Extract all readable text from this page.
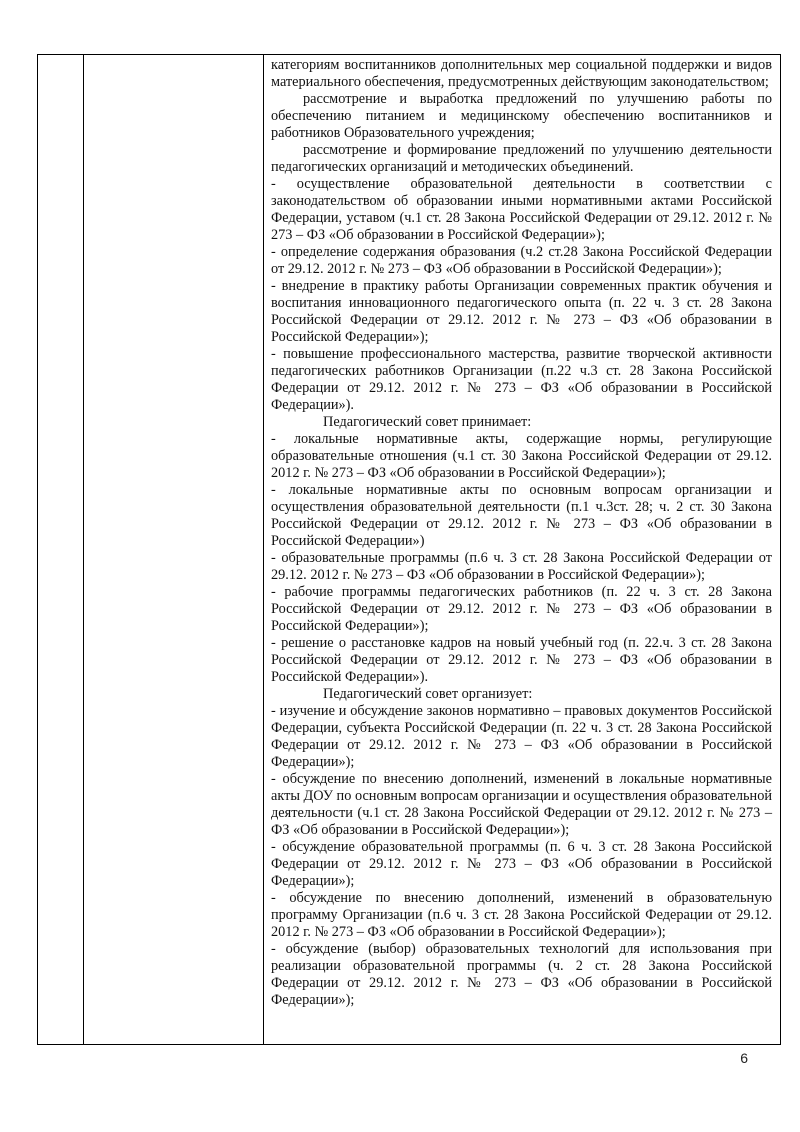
категориям воспитанников дополнительных мер социальной поддержки и видов материального обеспечения, предусмотренных действующим законодательством;

рассмотрение и выработка предложений по улучшению работы по обеспечению питанием и медицинскому обеспечению воспитанников и работников Образовательного учреждения;

рассмотрение и формирование предложений по улучшению деятельности педагогических организаций и методических объединений.

- осуществление образовательной деятельности в соответствии с законодательством об образовании иными нормативными актами Российской Федерации, уставом (ч.1 ст. 28 Закона Российской Федерации от 29.12. 2012 г. № 273 – ФЗ «Об образовании в Российской Федерации»);

- определение содержания образования (ч.2 ст.28 Закона Российской Федерации от 29.12. 2012 г. № 273 – ФЗ «Об образовании в Российской Федерации»);

- внедрение в практику работы Организации современных практик обучения и воспитания инновационного педагогического опыта (п. 22 ч. 3 ст. 28 Закона Российской Федерации от 29.12. 2012 г. № 273 – ФЗ «Об образовании в Российской Федерации»);

- повышение профессионального мастерства, развитие творческой активности педагогических работников Организации (п.22 ч.3 ст. 28 Закона Российской Федерации от 29.12. 2012 г. № 273 – ФЗ «Об образовании в Российской Федерации»).

Педагогический совет принимает:

- локальные нормативные акты, содержащие нормы, регулирующие образовательные отношения (ч.1 ст. 30 Закона Российской Федерации от 29.12. 2012 г. № 273 – ФЗ «Об образовании в Российской Федерации»);

- локальные нормативные акты по основным вопросам организации и осуществления образовательной деятельности (п.1 ч.3ст. 28; ч. 2 ст. 30 Закона Российской Федерации от 29.12. 2012 г. № 273 – ФЗ «Об образовании в Российской Федерации»)

- образовательные программы (п.6 ч. 3 ст. 28 Закона Российской Федерации от 29.12. 2012 г. № 273 – ФЗ «Об образовании в Российской Федерации»);

- рабочие программы педагогических работников (п. 22 ч. 3 ст. 28 Закона Российской Федерации от 29.12. 2012 г. № 273 – ФЗ «Об образовании в Российской Федерации»);

- решение о расстановке кадров на новый учебный год (п. 22.ч. 3 ст. 28 Закона Российской Федерации от 29.12. 2012 г. № 273 – ФЗ «Об образовании в Российской Федерации»).

Педагогический совет организует:

- изучение и обсуждение законов нормативно – правовых документов Российской Федерации, субъекта Российской Федерации (п. 22 ч. 3 ст. 28 Закона Российской Федерации от 29.12. 2012 г. № 273 – ФЗ «Об образовании в Российской Федерации»);

- обсуждение по внесению дополнений, изменений в локальные нормативные акты ДОУ по основным вопросам организации и осуществления образовательной деятельности (ч.1 ст. 28 Закона Российской Федерации от 29.12. 2012 г. № 273 – ФЗ «Об образовании в Российской Федерации»);

- обсуждение образовательной программы (п. 6 ч. 3 ст. 28 Закона Российской Федерации от 29.12. 2012 г. № 273 – ФЗ «Об образовании в Российской Федерации»);

- обсуждение по внесению дополнений, изменений в образовательную программу Организации (п.6 ч. 3 ст. 28 Закона Российской Федерации от 29.12. 2012 г. № 273 – ФЗ «Об образовании в Российской Федерации»);

- обсуждение (выбор) образовательных технологий для использования при реализации образовательной программы (ч. 2 ст. 28 Закона Российской Федерации от 29.12. 2012 г. № 273 – ФЗ «Об образовании в Российской Федерации»);

6
